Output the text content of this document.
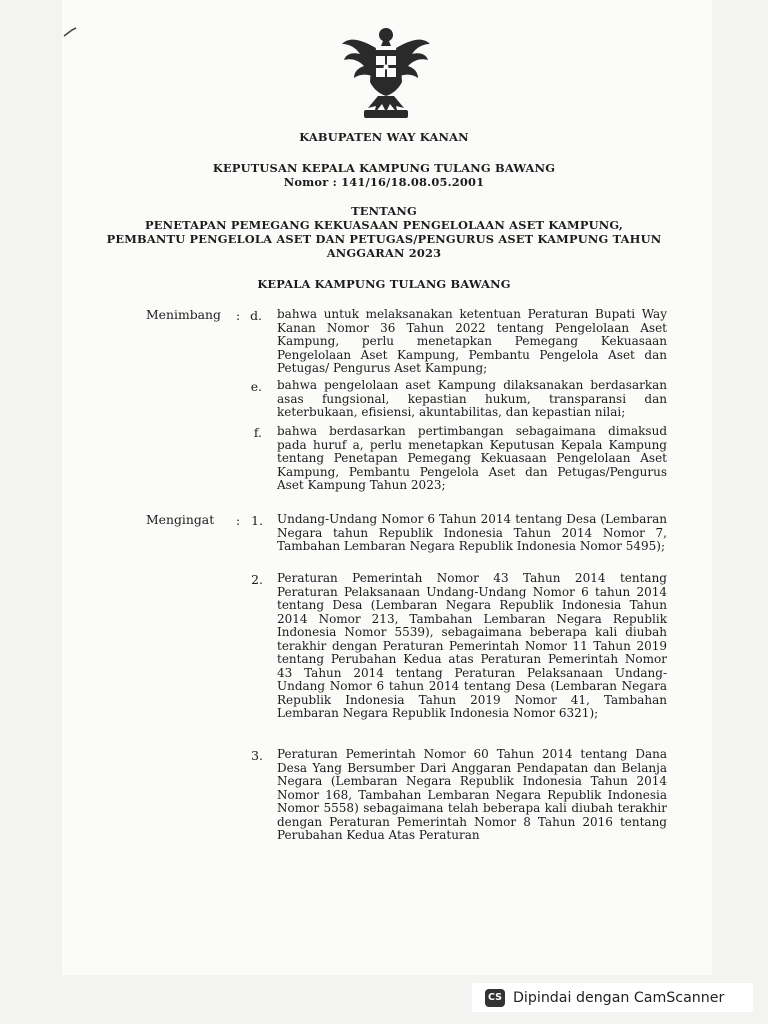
KABUPATEN WAY KANAN
KEPUTUSAN KEPALA KAMPUNG TULANG BAWANG
Nomor : 141/16/18.08.05.2001
TENTANG
PENETAPAN PEMEGANG KEKUASAAN PENGELOLAAN ASET KAMPUNG,
PEMBANTU PENGELOLA ASET DAN PETUGAS/PENGURUS ASET KAMPUNG TAHUN
ANGGARAN 2023
KEPALA KAMPUNG TULANG BAWANG
Menimbang : d. bahwa untuk melaksanakan ketentuan Peraturan Bupati Way Kanan Nomor 36 Tahun 2022 tentang Pengelolaan Aset Kampung, perlu menetapkan Pemegang Kekuasaan Pengelolaan Aset Kampung, Pembantu Pengelola Aset dan Petugas/ Pengurus Aset Kampung;
e. bahwa pengelolaan aset Kampung dilaksanakan berdasarkan asas fungsional, kepastian hukum, transparansi dan keterbukaan, efisiensi, akuntabilitas, dan kepastian nilai;
f. bahwa berdasarkan pertimbangan sebagaimana dimaksud pada huruf a, perlu menetapkan Keputusan Kepala Kampung tentang Penetapan Pemegang Kekuasaan Pengelolaan Aset Kampung, Pembantu Pengelola Aset dan Petugas/Pengurus Aset Kampung Tahun 2023;
Mengingat : 1. Undang-Undang Nomor 6 Tahun 2014 tentang Desa (Lembaran Negara tahun Republik Indonesia Tahun 2014 Nomor 7, Tambahan Lembaran Negara Republik Indonesia Nomor 5495);
2. Peraturan Pemerintah Nomor 43 Tahun 2014 tentang Peraturan Pelaksanaan Undang-Undang Nomor 6 tahun 2014 tentang Desa (Lembaran Negara Republik Indonesia Tahun 2014 Nomor 213, Tambahan Lembaran Negara Republik Indonesia Nomor 5539), sebagaimana beberapa kali diubah terakhir dengan Peraturan Pemerintah Nomor 11 Tahun 2019 tentang Perubahan Kedua atas Peraturan Pemerintah Nomor 43 Tahun 2014 tentang Peraturan Pelaksanaan Undang-Undang Nomor 6 tahun 2014 tentang Desa (Lembaran Negara Republik Indonesia Tahun 2019 Nomor 41, Tambahan Lembaran Negara Republik Indonesia Nomor 6321);
3. Peraturan Pemerintah Nomor 60 Tahun 2014 tentang Dana Desa Yang Bersumber Dari Anggaran Pendapatan dan Belanja Negara (Lembaran Negara Republik Indonesia Tahun 2014 Nomor 168, Tambahan Lembaran Negara Republik Indonesia Nomor 5558) sebagaimana telah beberapa kali diubah terakhir dengan Peraturan Pemerintah Nomor 8 Tahun 2016 tentang Perubahan Kedua Atas Peraturan
CS Dipindai dengan CamScanner
